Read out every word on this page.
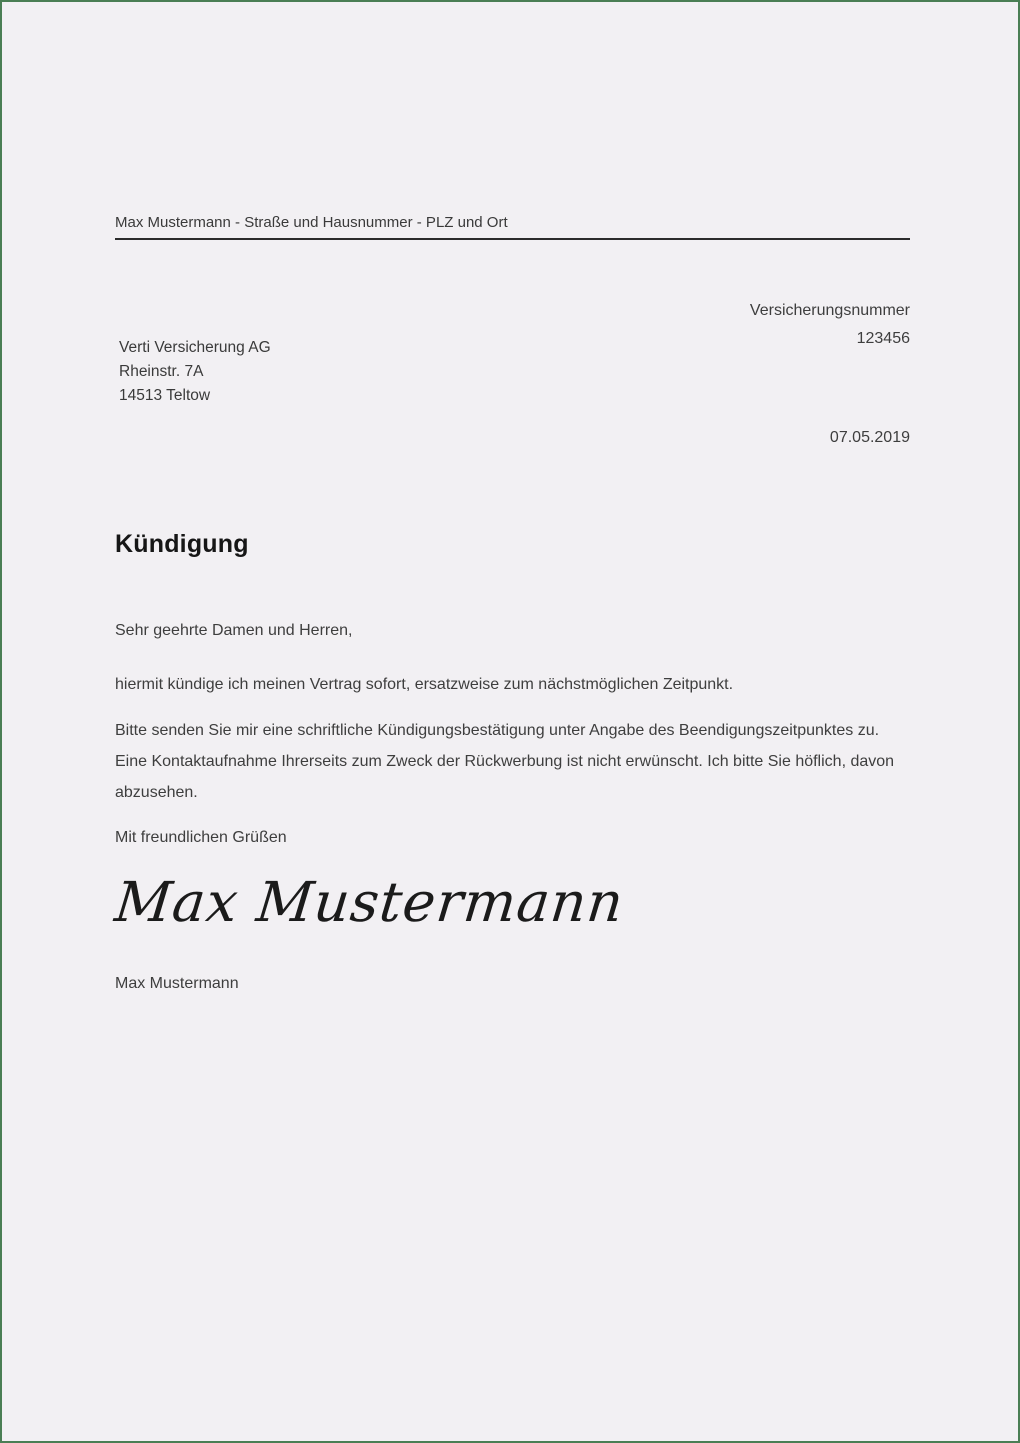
Max Mustermann - Straße und Hausnummer - PLZ und Ort
Versicherungsnummer
123456
Verti Versicherung AG
Rheinstr. 7A
14513 Teltow
07.05.2019
Kündigung

Sehr geehrte Damen und Herren,

hiermit kündige ich meinen Vertrag sofort, ersatzweise zum nächstmöglichen Zeitpunkt.

Bitte senden Sie mir eine schriftliche Kündigungsbestätigung unter Angabe des Beendigungszeitpunktes zu. Eine Kontaktaufnahme Ihrerseits zum Zweck der Rückwerbung ist nicht erwünscht. Ich bitte Sie höflich, davon abzusehen.

Mit freundlichen Grüßen

Max Mustermann
Max Mustermann
